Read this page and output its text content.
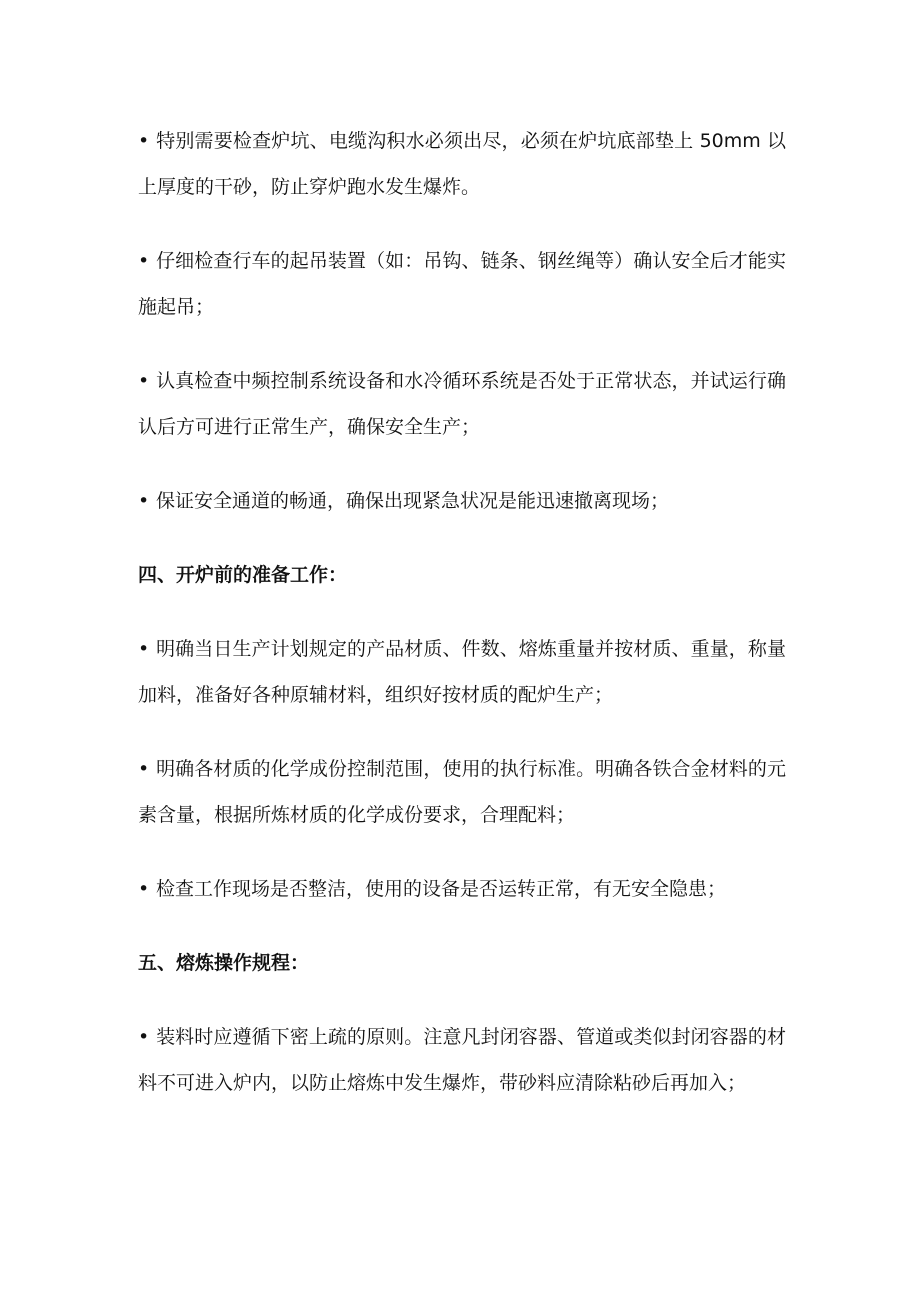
• 特别需要检查炉坑、电缆沟积水必须出尽，必须在炉坑底部垫上 50mm 以上厚度的干砂，防止穿炉跑水发生爆炸。

• 仔细检查行车的起吊装置（如：吊钩、链条、钢丝绳等）确认安全后才能实施起吊；

• 认真检查中频控制系统设备和水冷循环系统是否处于正常状态，并试运行确认后方可进行正常生产，确保安全生产；

• 保证安全通道的畅通，确保出现紧急状况是能迅速撤离现场；

四、开炉前的准备工作：

• 明确当日生产计划规定的产品材质、件数、熔炼重量并按材质、重量，称量加料，准备好各种原辅材料，组织好按材质的配炉生产；

• 明确各材质的化学成份控制范围，使用的执行标准。明确各铁合金材料的元素含量，根据所炼材质的化学成份要求，合理配料；

• 检查工作现场是否整洁，使用的设备是否运转正常，有无安全隐患；

五、熔炼操作规程：

• 装料时应遵循下密上疏的原则。注意凡封闭容器、管道或类似封闭容器的材料不可进入炉内，以防止熔炼中发生爆炸，带砂料应清除粘砂后再加入；
